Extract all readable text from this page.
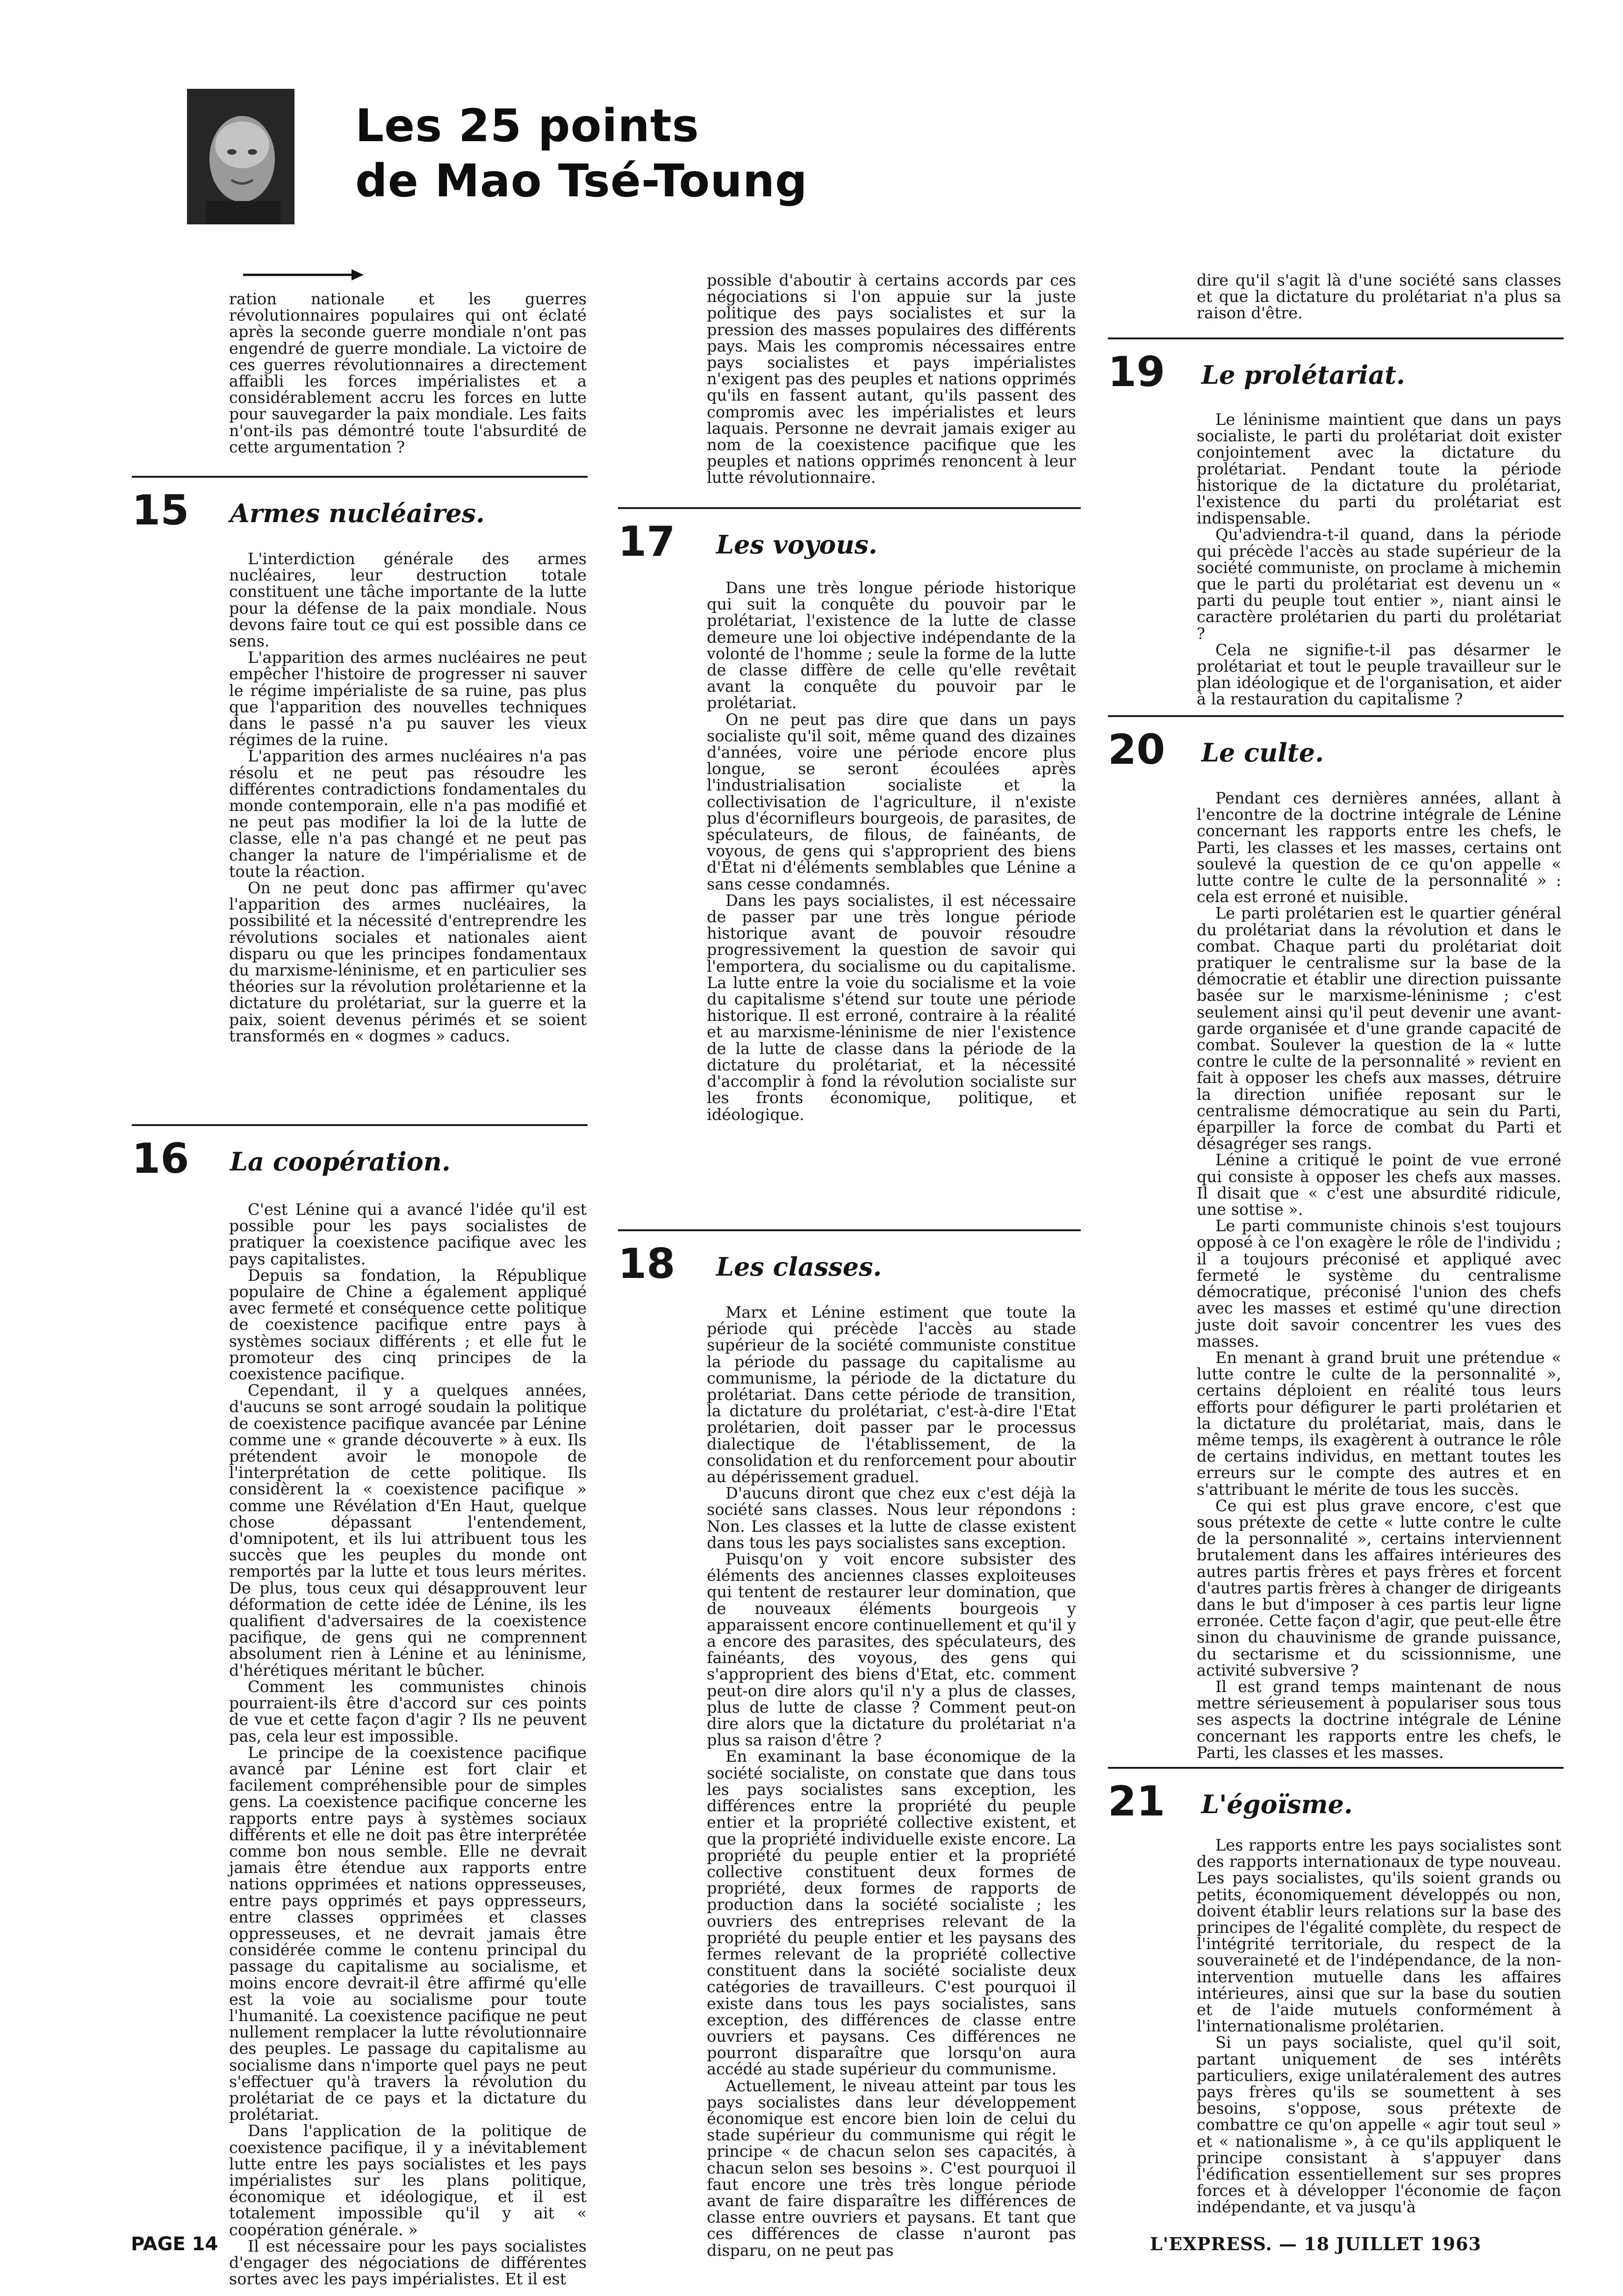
Les 25 points
de Mao Tsé-Toung

ration nationale et les guerres révolutionnaires populaires qui ont éclaté après la seconde guerre mondiale n'ont pas engendré de guerre mondiale. La victoire de ces guerres révolutionnaires a directement affaibli les forces impérialistes et a considérablement accru les forces en lutte pour sauvegarder la paix mondiale. Les faits n'ont-ils pas démontré toute l'absurdité de cette argumentation ?

15 Armes nucléaires.

L'interdiction générale des armes nucléaires, leur destruction totale constituent une tâche importante de la lutte pour la défense de la paix mondiale. Nous devons faire tout ce qui est possible dans ce sens.

L'apparition des armes nucléaires ne peut empêcher l'histoire de progresser ni sauver le régime impérialiste de sa ruine, pas plus que l'apparition des nouvelles techniques dans le passé n'a pu sauver les vieux régimes de la ruine.

L'apparition des armes nucléaires n'a pas résolu et ne peut pas résoudre les différentes contradictions fondamentales du monde contemporain, elle n'a pas modifié et ne peut pas modifier la loi de la lutte de classe, elle n'a pas changé et ne peut pas changer la nature de l'impérialisme et de toute la réaction.

On ne peut donc pas affirmer qu'avec l'apparition des armes nucléaires, la possibilité et la nécessité d'entreprendre les révolutions sociales et nationales aient disparu ou que les principes fondamentaux du marxisme-léninisme, et en particulier ses théories sur la révolution prolétarienne et la dictature du prolétariat, sur la guerre et la paix, soient devenus périmés et se soient transformés en « dogmes » caducs.

16 La coopération.

C'est Lénine qui a avancé l'idée qu'il est possible pour les pays socialistes de pratiquer la coexistence pacifique avec les pays capitalistes.

Depuis sa fondation, la République populaire de Chine a également appliqué avec fermeté et conséquence cette politique de coexistence pacifique entre pays à systèmes sociaux différents ; et elle fut le promoteur des cinq principes de la coexistence pacifique.

Cependant, il y a quelques années, d'aucuns se sont arrogé soudain la politique de coexistence pacifique avancée par Lénine comme une « grande découverte » à eux. Ils prétendent avoir le monopole de l'interprétation de cette politique. Ils considèrent la « coexistence pacifique » comme une Révélation d'En Haut, quelque chose dépassant l'entendement, d'omnipotent, et ils lui attribuent tous les succès que les peuples du monde ont remportés par la lutte et tous leurs mérites. De plus, tous ceux qui désapprouvent leur déformation de cette idée de Lénine, ils les qualifient d'adversaires de la coexistence pacifique, de gens qui ne comprennent absolument rien à Lénine et au léninisme, d'hérétiques méritant le bûcher.

Comment les communistes chinois pourraient-ils être d'accord sur ces points de vue et cette façon d'agir ? Ils ne peuvent pas, cela leur est impossible.

Le principe de la coexistence pacifique avancé par Lénine est fort clair et facilement compréhensible pour de simples gens. La coexistence pacifique concerne les rapports entre pays à systèmes sociaux différents et elle ne doit pas être interprétée comme bon nous semble. Elle ne devrait jamais être étendue aux rapports entre nations opprimées et nations oppresseuses, entre pays opprimés et pays oppresseurs, entre classes opprimées et classes oppresseuses, et ne devrait jamais être considérée comme le contenu principal du passage du capitalisme au socialisme, et moins encore devrait-il être affirmé qu'elle est la voie au socialisme pour toute l'humanité. La coexistence pacifique ne peut nullement remplacer la lutte révolutionnaire des peuples. Le passage du capitalisme au socialisme dans n'importe quel pays ne peut s'effectuer qu'à travers la révolution du prolétariat de ce pays et la dictature du prolétariat.

Dans l'application de la politique de coexistence pacifique, il y a inévitablement lutte entre les pays socialistes et les pays impérialistes sur les plans politique, économique et idéologique, et il est totalement impossible qu'il y ait « coopération générale. »

Il est nécessaire pour les pays socialistes d'engager des négociations de différentes sortes avec les pays impérialistes. Et il est

possible d'aboutir à certains accords par ces négociations si l'on appuie sur la juste politique des pays socialistes et sur la pression des masses populaires des différents pays. Mais les compromis nécessaires entre pays socialistes et pays impérialistes n'exigent pas des peuples et nations opprimés qu'ils en fassent autant, qu'ils passent des compromis avec les impérialistes et leurs laquais. Personne ne devrait jamais exiger au nom de la coexistence pacifique que les peuples et nations opprimés renoncent à leur lutte révolutionnaire.

17 Les voyous.

Dans une très longue période historique qui suit la conquête du pouvoir par le prolétariat, l'existence de la lutte de classe demeure une loi objective indépendante de la volonté de l'homme ; seule la forme de la lutte de classe diffère de celle qu'elle revêtait avant la conquête du pouvoir par le prolétariat.

On ne peut pas dire que dans un pays socialiste qu'il soit, même quand des dizaines d'années, voire une période encore plus longue, se seront écoulées après l'industrialisation socialiste et la collectivisation de l'agriculture, il n'existe plus d'écornifleurs bourgeois, de parasites, de spéculateurs, de filous, de fainéants, de voyous, de gens qui s'approprient des biens d'Etat ni d'éléments semblables que Lénine a sans cesse condamnés.

Dans les pays socialistes, il est nécessaire de passer par une très longue période historique avant de pouvoir résoudre progressivement la question de savoir qui l'emportera, du socialisme ou du capitalisme. La lutte entre la voie du socialisme et la voie du capitalisme s'étend sur toute une période historique. Il est erroné, contraire à la réalité et au marxisme-léninisme de nier l'existence de la lutte de classe dans la période de la dictature du prolétariat, et la nécessité d'accomplir à fond la révolution socialiste sur les fronts économique, politique, et idéologique.

18 Les classes.

Marx et Lénine estiment que toute la période qui précède l'accès au stade supérieur de la société communiste constitue la période du passage du capitalisme au communisme, la période de la dictature du prolétariat. Dans cette période de transition, la dictature du prolétariat, c'est-à-dire l'Etat prolétarien, doit passer par le processus dialectique de l'établissement, de la consolidation et du renforcement pour aboutir au dépérissement graduel.

D'aucuns diront que chez eux c'est déjà la société sans classes. Nous leur répondons : Non. Les classes et la lutte de classe existent dans tous les pays socialistes sans exception.

Puisqu'on y voit encore subsister des éléments des anciennes classes exploiteuses qui tentent de restaurer leur domination, que de nouveaux éléments bourgeois y apparaissent encore continuellement et qu'il y a encore des parasites, des spéculateurs, des fainéants, des voyous, des gens qui s'approprient des biens d'Etat, etc. comment peut-on dire alors qu'il n'y a plus de classes, plus de lutte de classe ? Comment peut-on dire alors que la dictature du prolétariat n'a plus sa raison d'être ?

En examinant la base économique de la société socialiste, on constate que dans tous les pays socialistes sans exception, les différences entre la propriété du peuple entier et la propriété collective existent, et que la propriété individuelle existe encore. La propriété du peuple entier et la propriété collective constituent deux formes de propriété, deux formes de rapports de production dans la société socialiste ; les ouvriers des entreprises relevant de la propriété du peuple entier et les paysans des fermes relevant de la propriété collective constituent dans la société socialiste deux catégories de travailleurs. C'est pourquoi il existe dans tous les pays socialistes, sans exception, des différences de classe entre ouvriers et paysans. Ces différences ne pourront disparaître que lorsqu'on aura accédé au stade supérieur du communisme.

Actuellement, le niveau atteint par tous les pays socialistes dans leur développement économique est encore bien loin de celui du stade supérieur du communisme qui régit le principe « de chacun selon ses capacités, à chacun selon ses besoins ». C'est pourquoi il faut encore une très très longue période avant de faire disparaître les différences de classe entre ouvriers et paysans. Et tant que ces différences de classe n'auront pas disparu, on ne peut pas

dire qu'il s'agit là d'une société sans classes et que la dictature du prolétariat n'a plus sa raison d'être.

19 Le prolétariat.

Le léninisme maintient que dans un pays socialiste, le parti du prolétariat doit exister conjointement avec la dictature du prolétariat. Pendant toute la période historique de la dictature du prolétariat, l'existence du parti du prolétariat est indispensable.

Qu'adviendra-t-il quand, dans la période qui précède l'accès au stade supérieur de la société communiste, on proclame à michemin que le parti du prolétariat est devenu un « parti du peuple tout entier », niant ainsi le caractère prolétarien du parti du prolétariat ?

Cela ne signifie-t-il pas désarmer le prolétariat et tout le peuple travailleur sur le plan idéologique et de l'organisation, et aider à la restauration du capitalisme ?

20 Le culte.

Pendant ces dernières années, allant à l'encontre de la doctrine intégrale de Lénine concernant les rapports entre les chefs, le Parti, les classes et les masses, certains ont soulevé la question de ce qu'on appelle « lutte contre le culte de la personnalité » : cela est erroné et nuisible.

Le parti prolétarien est le quartier général du prolétariat dans la révolution et dans le combat. Chaque parti du prolétariat doit pratiquer le centralisme sur la base de la démocratie et établir une direction puissante basée sur le marxisme-léninisme ; c'est seulement ainsi qu'il peut devenir une avant-garde organisée et d'une grande capacité de combat. Soulever la question de la « lutte contre le culte de la personnalité » revient en fait à opposer les chefs aux masses, détruire la direction unifiée reposant sur le centralisme démocratique au sein du Parti, éparpiller la force de combat du Parti et désagréger ses rangs.

Lénine a critiqué le point de vue erroné qui consiste à opposer les chefs aux masses. Il disait que « c'est une absurdité ridicule, une sottise ».

Le parti communiste chinois s'est toujours opposé à ce l'on exagère le rôle de l'individu ; il a toujours préconisé et appliqué avec fermeté le système du centralisme démocratique, préconisé l'union des chefs avec les masses et estimé qu'une direction juste doit savoir concentrer les vues des masses.

En menant à grand bruit une prétendue « lutte contre le culte de la personnalité », certains déploient en réalité tous leurs efforts pour défigurer le parti prolétarien et la dictature du prolétariat, mais, dans le même temps, ils exagèrent à outrance le rôle de certains individus, en mettant toutes les erreurs sur le compte des autres et en s'attribuant le mérite de tous les succès.

Ce qui est plus grave encore, c'est que sous prétexte de cette « lutte contre le culte de la personnalité », certains interviennent brutalement dans les affaires intérieures des autres partis frères et pays frères et forcent d'autres partis frères à changer de dirigeants dans le but d'imposer à ces partis leur ligne erronée. Cette façon d'agir, que peut-elle être sinon du chauvinisme de grande puissance, du sectarisme et du scissionnisme, une activité subversive ?

Il est grand temps maintenant de nous mettre sérieusement à populariser sous tous ses aspects la doctrine intégrale de Lénine concernant les rapports entre les chefs, le Parti, les classes et les masses.

21 L'égoïsme.

Les rapports entre les pays socialistes sont des rapports internationaux de type nouveau. Les pays socialistes, qu'ils soient grands ou petits, économiquement développés ou non, doivent établir leurs relations sur la base des principes de l'égalité complète, du respect de l'intégrité territoriale, du respect de la souveraineté et de l'indépendance, de la non-intervention mutuelle dans les affaires intérieures, ainsi que sur la base du soutien et de l'aide mutuels conformément à l'internationalisme prolétarien.

Si un pays socialiste, quel qu'il soit, partant uniquement de ses intérêts particuliers, exige unilatéralement des autres pays frères qu'ils se soumettent à ses besoins, s'oppose, sous prétexte de combattre ce qu'on appelle « agir tout seul » et « nationalisme », à ce qu'ils appliquent le principe consistant à s'appuyer dans l'édification essentiellement sur ses propres forces et à développer l'économie de façon indépendante, et va jusqu'à

PAGE 14	L'EXPRESS. — 18 JUILLET 1963
